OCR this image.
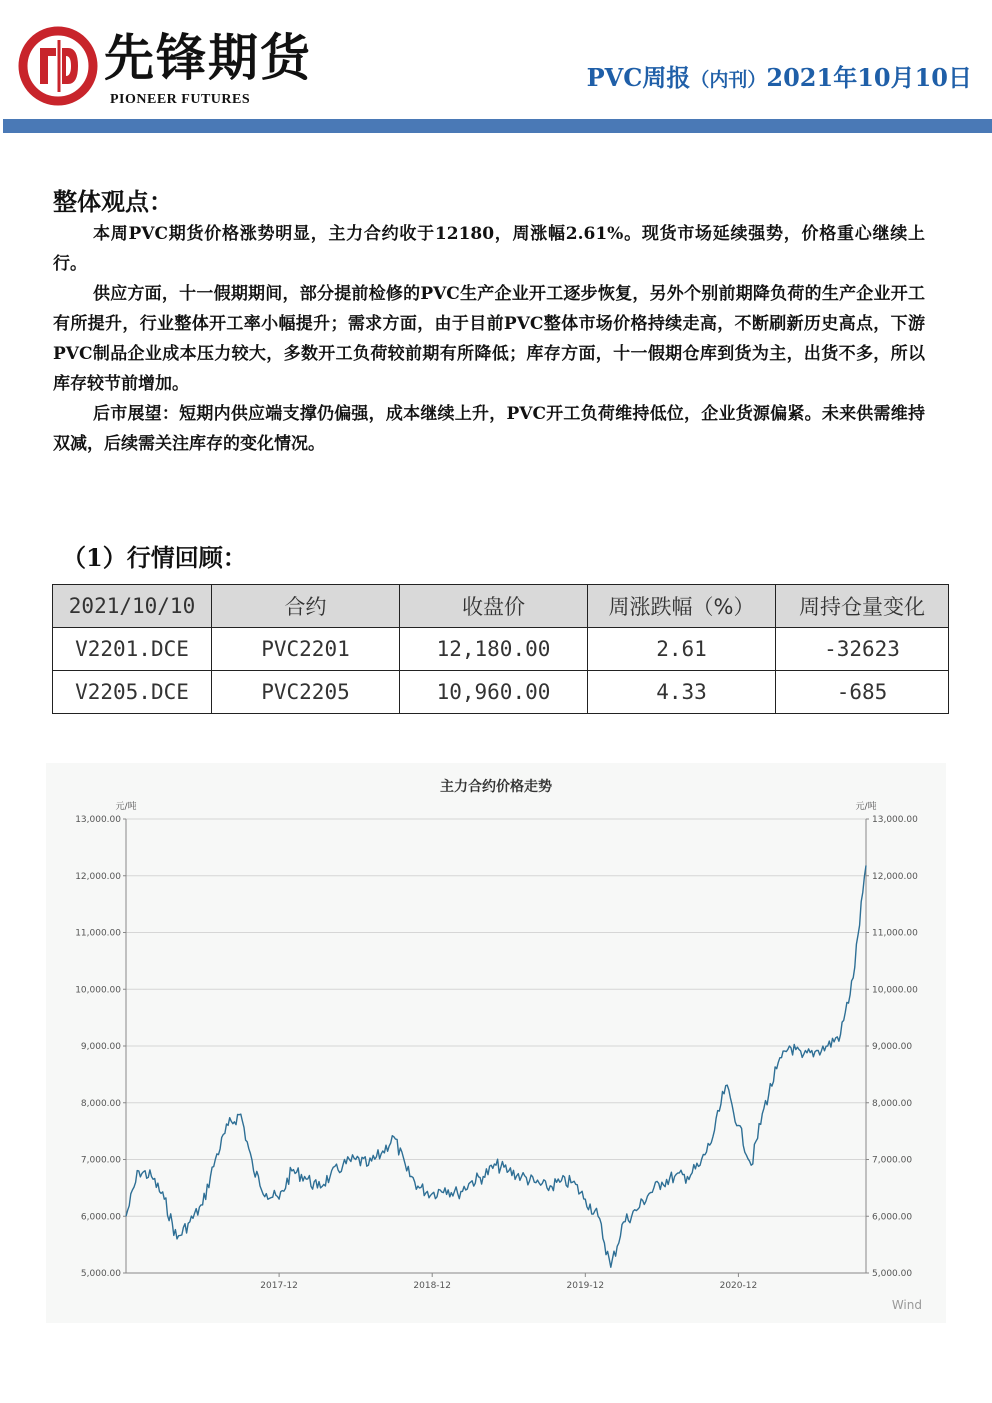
先锋期货
PIONEER FUTURES
PVC周报（内刊）2021年10月10日
整体观点：

本周PVC期货价格涨势明显，主力合约收于12180，周涨幅2.61%。现货市场延续强势，价格重心继续上行。

供应方面，十一假期期间，部分提前检修的PVC生产企业开工逐步恢复，另外个别前期降负荷的生产企业开工有所提升，行业整体开工率小幅提升；需求方面，由于目前PVC整体市场价格持续走高，不断刷新历史高点，下游PVC制品企业成本压力较大，多数开工负荷较前期有所降低；库存方面，十一假期仓库到货为主，出货不多，所以库存较节前增加。

后市展望：短期内供应端支撑仍偏强，成本继续上升，PVC开工负荷维持低位，企业货源偏紧。未来供需维持双减，后续需关注库存的变化情况。

（1）行情回顾：
2021/10/10	合约	收盘价	周涨跌幅（%）	周持仓量变化
V2201.DCE	PVC2201	12,180.00	2.61	-32623
V2205.DCE	PVC2205	10,960.00	4.33	-685
主力合约价格走势
元/吨	元/吨
5,000.00	5,000.00
6,000.00	6,000.00
7,000.00	7,000.00
8,000.00	8,000.00
9,000.00	9,000.00
10,000.00	10,000.00
11,000.00	11,000.00
12,000.00	12,000.00
13,000.00	13,000.00
2017-12	2018-12	2019-12	2020-12
Wind
